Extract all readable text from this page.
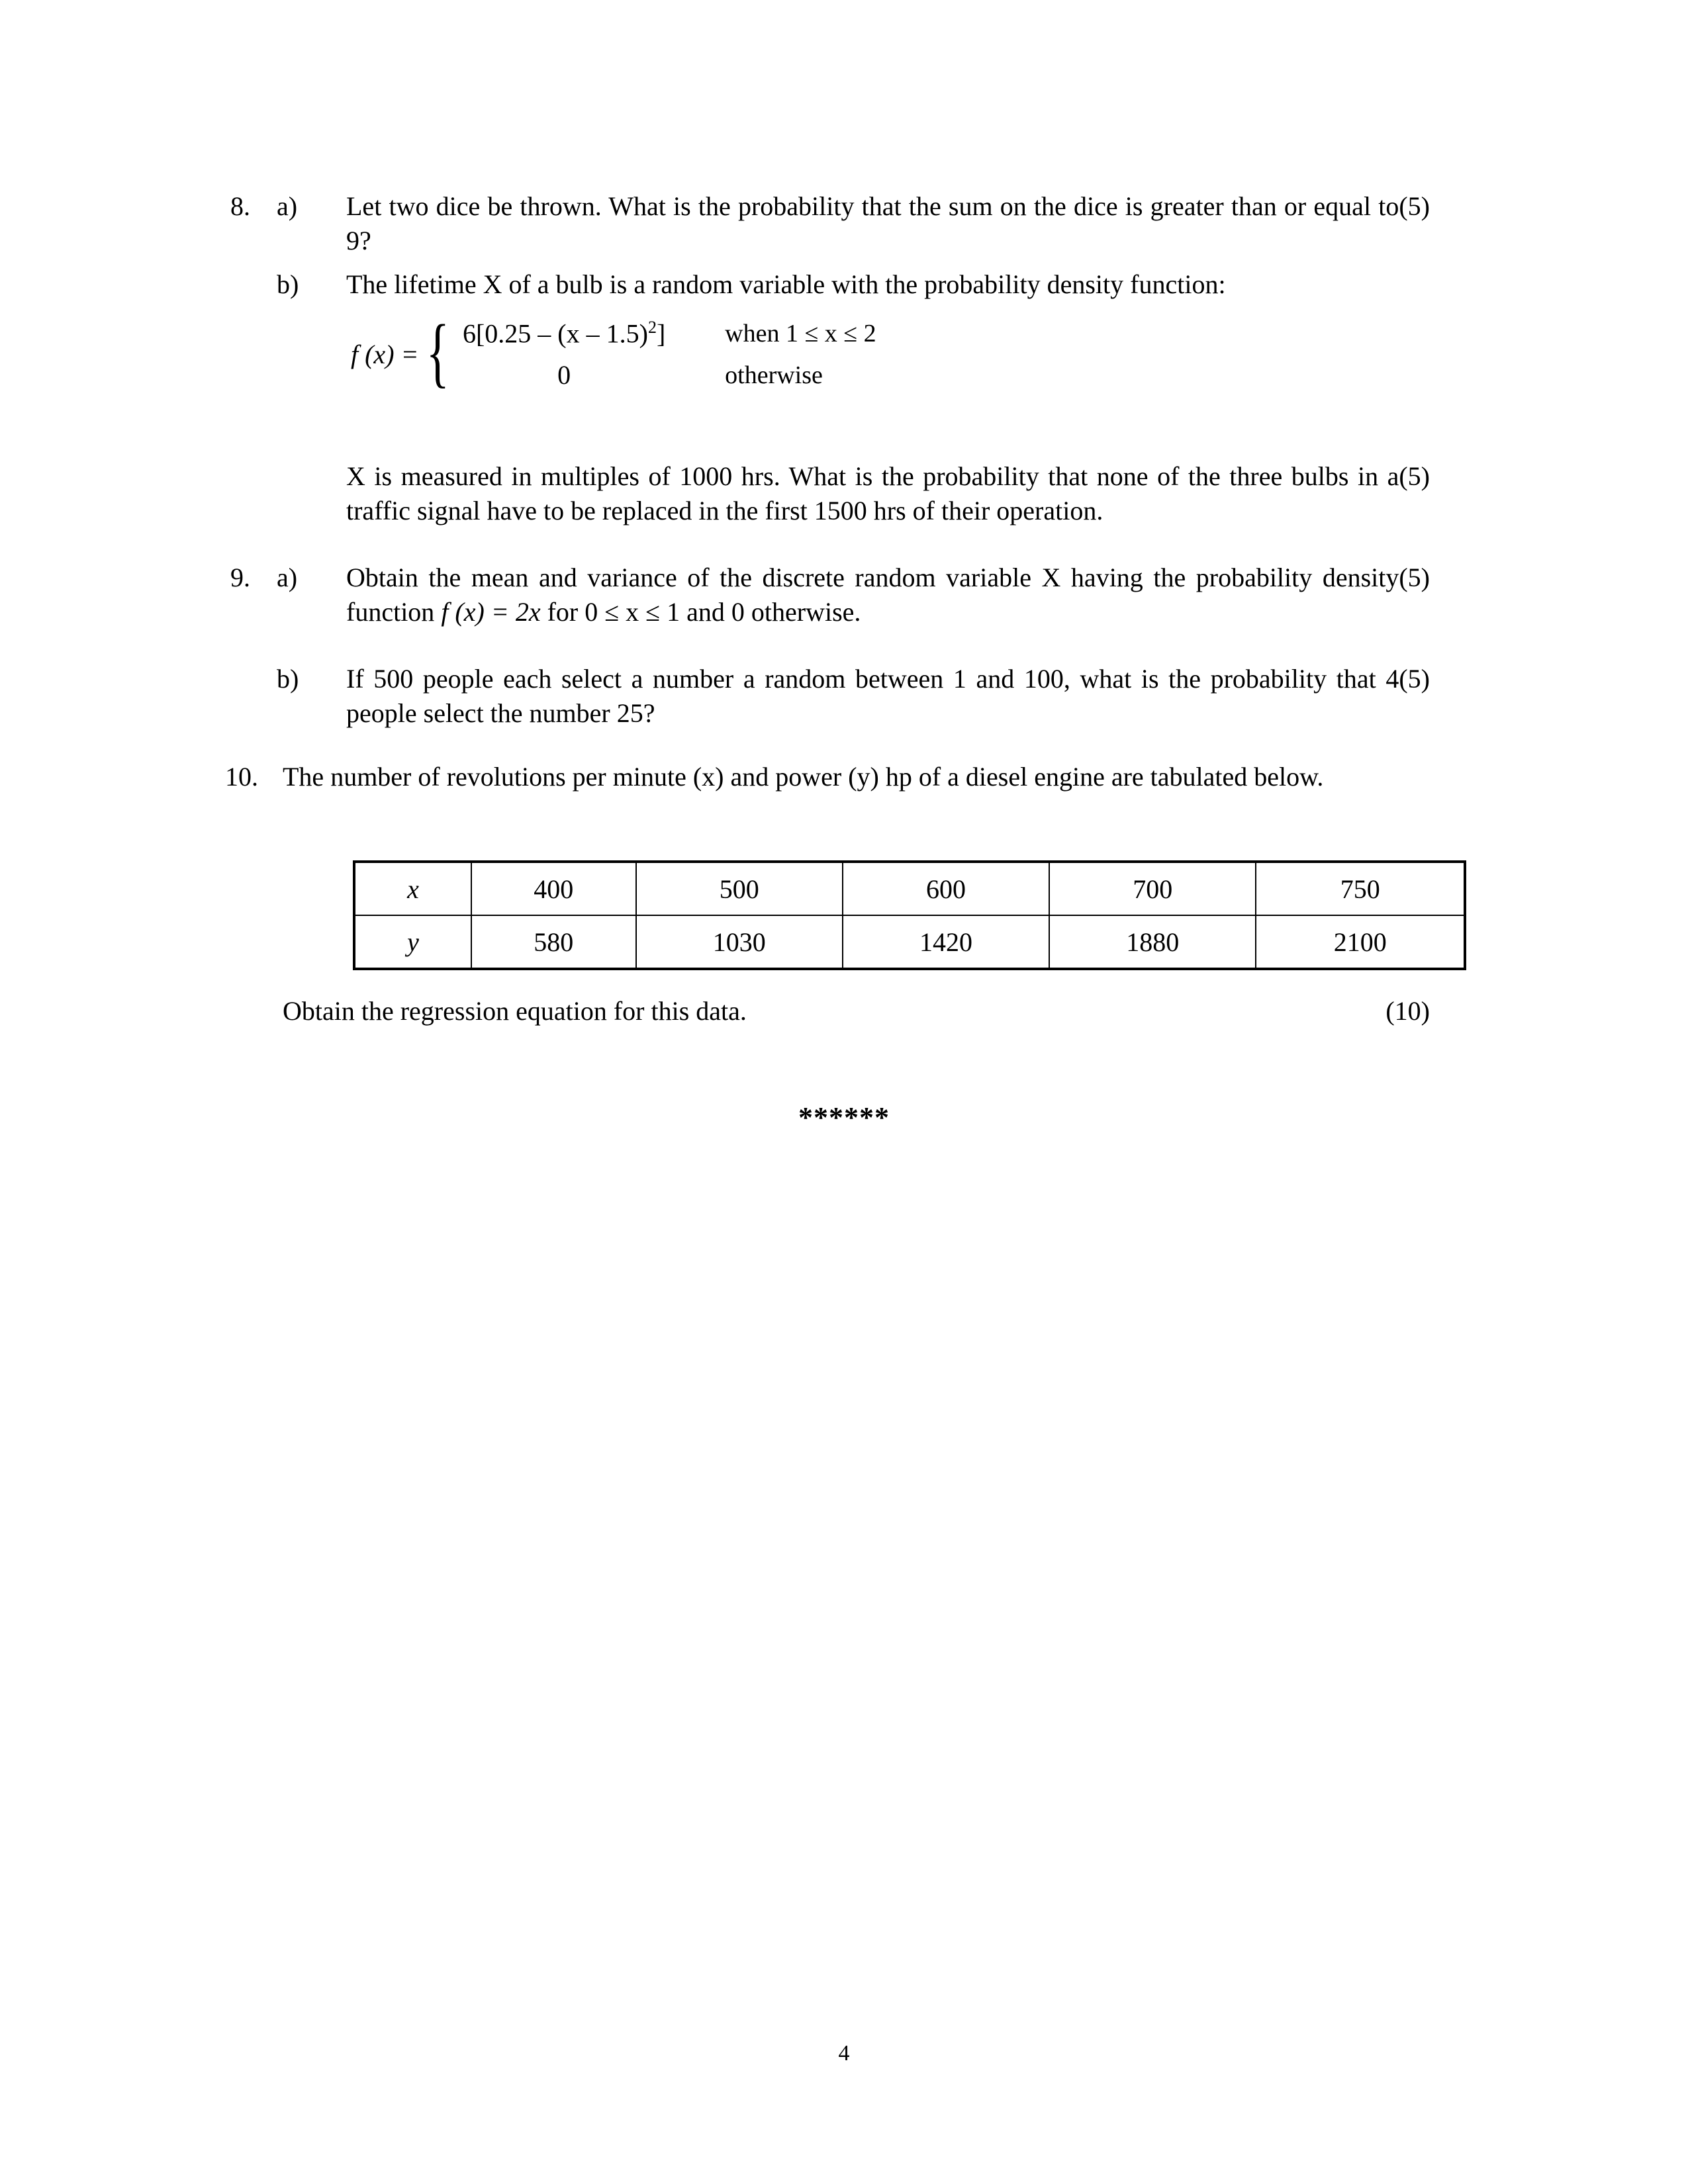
8.	a)	(5)
Let two dice be thrown. What is the probability that the sum on the dice is greater than or equal to 9?
b)	The lifetime X of a bulb is a random variable with the probability density function:
f (x) = { 6[0.25 – (x – 1.5)$^2$]	when 1 ≤ x ≤ 2
0	otherwise
(5)
X is measured in multiples of 1000 hrs. What is the probability that none of the three bulbs in a traffic signal have to be replaced in the first 1500 hrs of their operation.
9.	a)	(5)
Obtain the mean and variance of the discrete random variable X having the probability density function f (x) = 2x for 0 ≤ x ≤ 1 and 0 otherwise.
b)	(5)
If 500 people each select a number a random between 1 and 100, what is the probability that 4 people select the number 25?
10. The number of revolutions per minute (x) and power (y) hp of a diesel engine are tabulated below.
x	400	500	600	700	750
y	580	1030	1420	1880	2100
(10)
Obtain the regression equation for this data.
******
4
